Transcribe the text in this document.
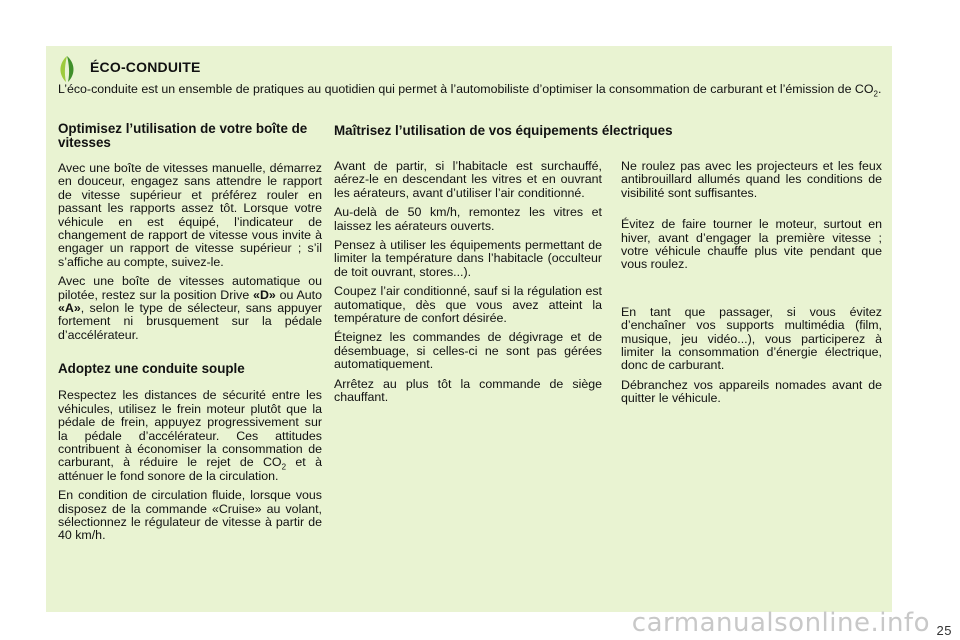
ÉCO-CONDUITE
L’éco-conduite est un ensemble de pratiques au quotidien qui permet à l’automobiliste d’optimiser la consommation de carburant et l’émission de $CO_2$.
Optimisez l’utilisation de votre boîte de vitesses

Avec une boîte de vitesses manuelle, démarrez en douceur, engagez sans attendre le rapport de vitesse supérieur et préférez rouler en passant les rapports assez tôt. Lorsque votre véhicule en est équipé, l’indicateur de changement de rapport de vitesse vous invite à engager un rapport de vitesse supérieur ; s’il s’affiche au compte, suivez-le.

Avec une boîte de vitesses automatique ou pilotée, restez sur la position Drive «D» ou Auto «A», selon le type de sélecteur, sans appuyer fortement ni brusquement sur la pédale d’accélérateur.

Adoptez une conduite souple

Respectez les distances de sécurité entre les véhicules, utilisez le frein moteur plutôt que la pédale de frein, appuyez progressivement sur la pédale d’accélérateur. Ces attitudes contribuent à économiser la consommation de carburant, à réduire le rejet de $CO_2$ et à atténuer le fond sonore de la circulation.

En condition de circulation fluide, lorsque vous disposez de la commande «Cruise» au volant, sélectionnez le régulateur de vitesse à partir de 40 km/h.

Maîtrisez l’utilisation de vos équipements électriques

Avant de partir, si l’habitacle est surchauffé, aérez-le en descendant les vitres et en ouvrant les aérateurs, avant d’utiliser l’air conditionné.

Au-delà de 50 km/h, remontez les vitres et laissez les aérateurs ouverts.

Pensez à utiliser les équipements permettant de limiter la température dans l’habitacle (occulteur de toit ouvrant, stores...).

Coupez l’air conditionné, sauf si la régulation est automatique, dès que vous avez atteint la température de confort désirée.

Éteignez les commandes de dégivrage et de désembuage, si celles-ci ne sont pas gérées automatiquement.

Arrêtez au plus tôt la commande de siège chauffant.

Ne roulez pas avec les projecteurs et les feux antibrouillard allumés quand les conditions de visibilité sont suffisantes.

Évitez de faire tourner le moteur, surtout en hiver, avant d’engager la première vitesse ; votre véhicule chauffe plus vite pendant que vous roulez.

En tant que passager, si vous évitez d’enchaîner vos supports multimédia (film, musique, jeu vidéo...), vous participerez à limiter la consommation d’énergie électrique, donc de carburant.

Débranchez vos appareils nomades avant de quitter le véhicule.

carmanualsonline.info 25
